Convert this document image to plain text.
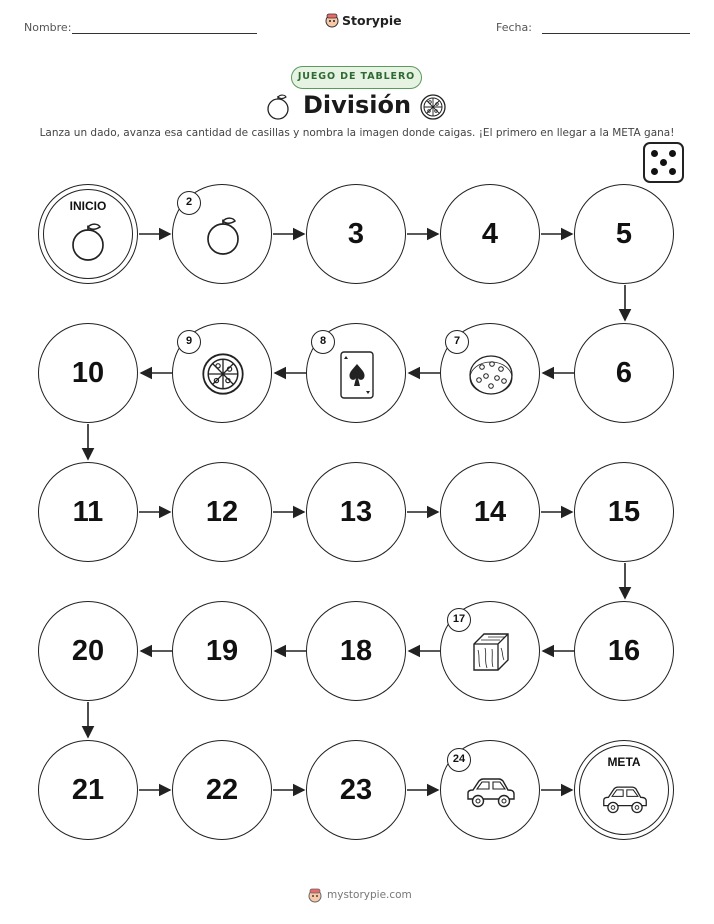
Nombre:	Storypie	Fecha:
JUEGO DE TABLERO
División
Lanza un dado, avanza esa cantidad de casillas y nombra la imagen donde caigas. ¡El primero en llegar a la META gana!
INICIO	2
3	4	5
10
9	8	7
6
11	12	13	14	15
20	19	18
17
16
21	22	23
24	META
mystorypie.com
